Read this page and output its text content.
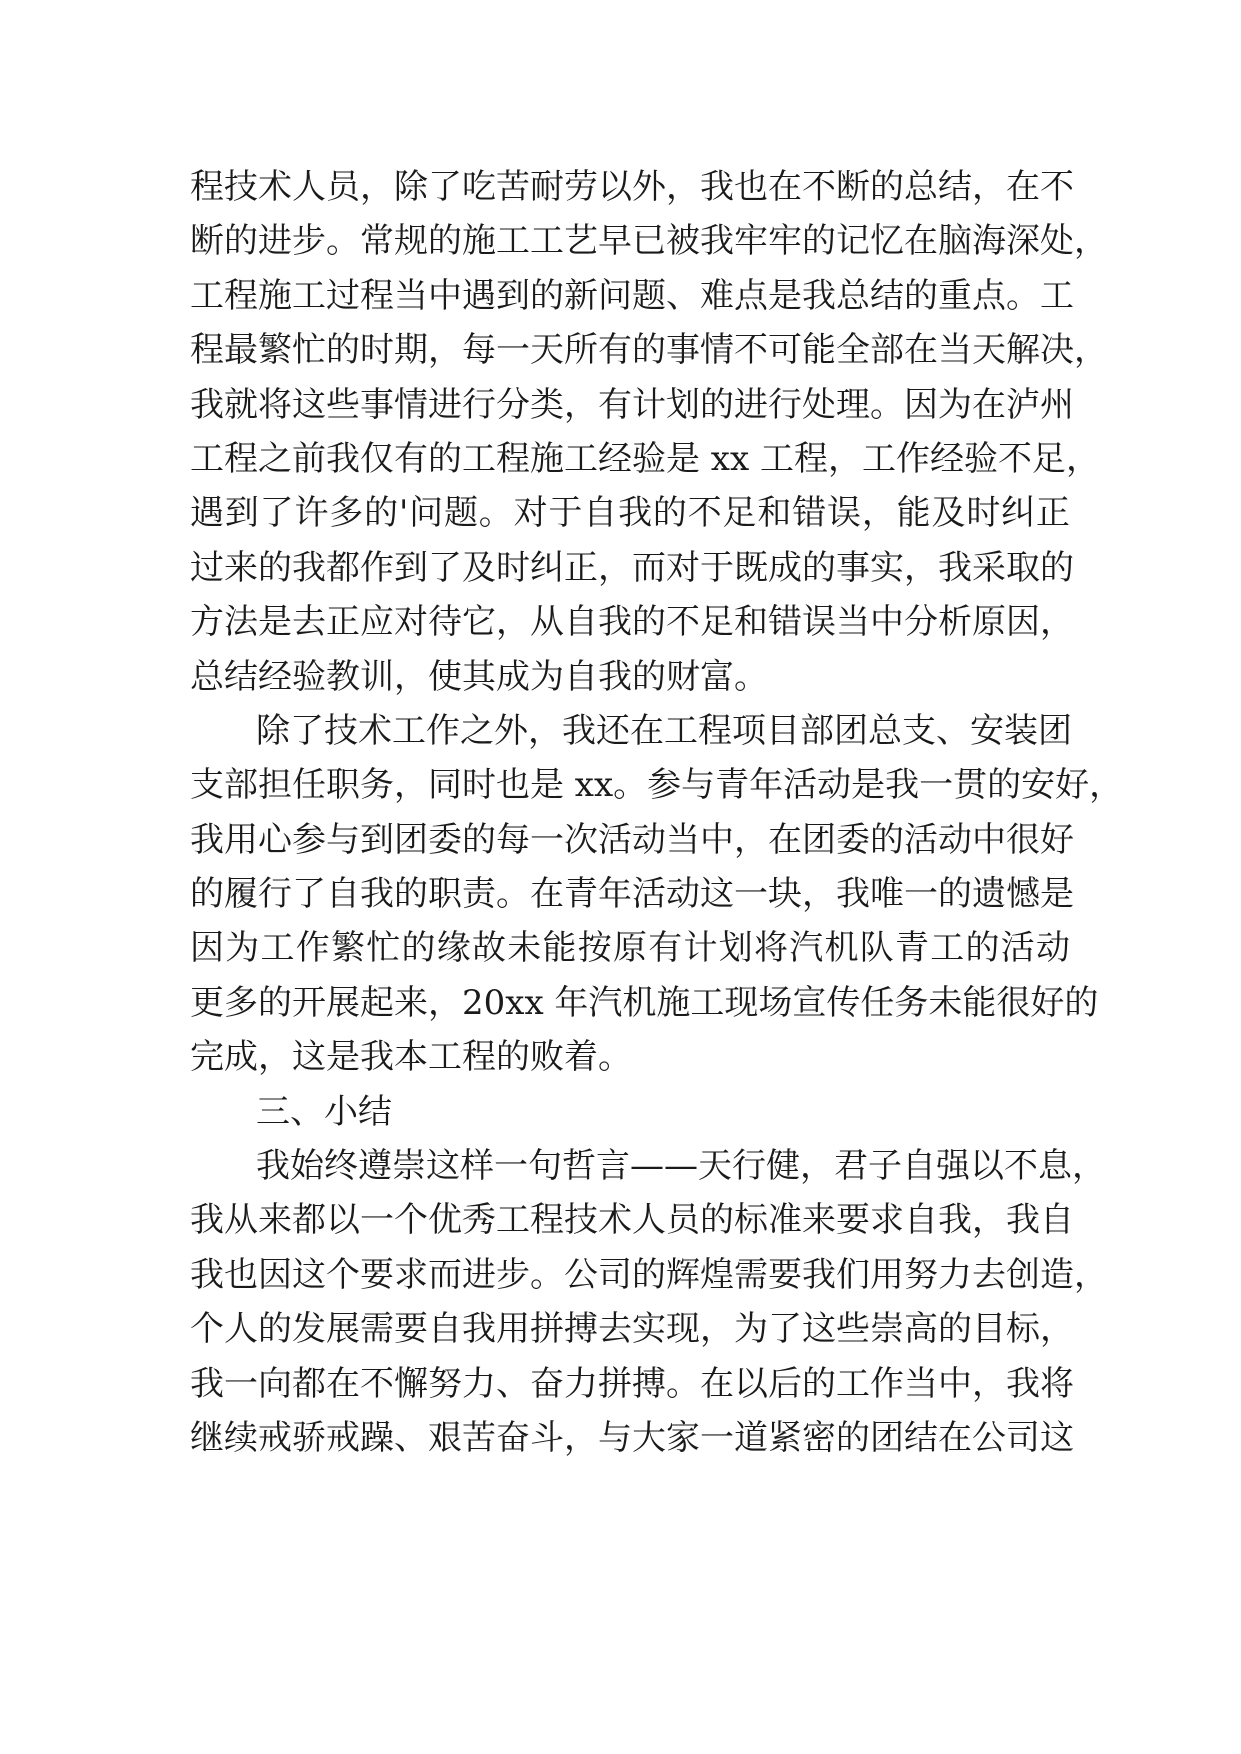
程技术人员，除了吃苦耐劳以外，我也在不断的总结，在不
断的进步。常规的施工工艺早已被我牢牢的记忆在脑海深处，
工程施工过程当中遇到的新问题、难点是我总结的重点。工
程最繁忙的时期，每一天所有的事情不可能全部在当天解决，
我就将这些事情进行分类，有计划的进行处理。因为在泸州
工程之前我仅有的工程施工经验是 xx 工程，工作经验不足，
遇到了许多的'问题。对于自我的不足和错误，能及时纠正
过来的我都作到了及时纠正，而对于既成的事实，我采取的
方法是去正应对待它，从自我的不足和错误当中分析原因，
总结经验教训，使其成为自我的财富。
除了技术工作之外，我还在工程项目部团总支、安装团
支部担任职务，同时也是 xx。参与青年活动是我一贯的安好，
我用心参与到团委的每一次活动当中，在团委的活动中很好
的履行了自我的职责。在青年活动这一块，我唯一的遗憾是
因为工作繁忙的缘故未能按原有计划将汽机队青工的活动
更多的开展起来，20xx 年汽机施工现场宣传任务未能很好的
完成，这是我本工程的败着。
三、小结
我始终遵崇这样一句哲言——天行健，君子自强以不息，
我从来都以一个优秀工程技术人员的标准来要求自我，我自
我也因这个要求而进步。公司的辉煌需要我们用努力去创造，
个人的发展需要自我用拼搏去实现，为了这些崇高的目标，
我一向都在不懈努力、奋力拼搏。在以后的工作当中，我将
继续戒骄戒躁、艰苦奋斗，与大家一道紧密的团结在公司这
